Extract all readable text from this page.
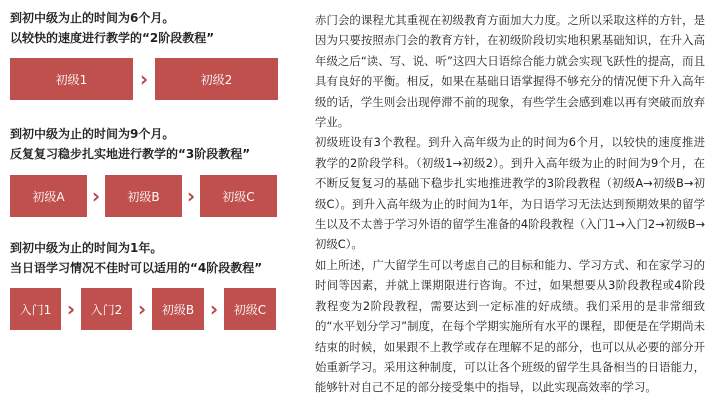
到初中级为止的时间为6个月。

以较快的速度进行教学的“2阶段教程”

初级1	›	初级2

到初中级为止的时间为9个月。

反复复习稳步扎实地进行教学的“3阶段教程”

初级A	›	初级B	›	初级C

到初中级为止的时间为1年。

当日语学习情况不佳时可以适用的“4阶段教程”

入门1 ›	入门2 ›	初级B ›	初级C

赤门会的课程尤其重视在初级教育方面加大力度。之所以采取这样的方针，是因为只要按照赤门会的教育方针，在初级阶段切实地积累基础知识，在升入高年级之后“读、写、说、听”这四大日语综合能力就会实现飞跃性的提高，而且具有良好的平衡。相反，如果在基础日语掌握得不够充分的情况便下升入高年级的话，学生则会出现停滞不前的现象，有些学生会感到难以再有突破而放弃学业。

初级班设有3个教程。到升入高年级为止的时间为6个月，以较快的速度推进教学的2阶段学科。（初级1→初级2）。到升入高年级为止的时间为9个月，在不断反复复习的基础下稳步扎实地推进教学的3阶段教程（初级A→初级B→初级C）。到升入高年级为止的时间为1年，为日语学习无法达到预期效果的留学生以及不太善于学习外语的留学生准备的4阶段教程（入门1→入门2→初级B→初级C）。

如上所述，广大留学生可以考虑自己的目标和能力、学习方式、和在家学习的时间等因素，并就上课期限进行咨询。不过，如果想要从3阶段教程或4阶段教程变为2阶段教程，需要达到一定标准的好成绩。我们采用的是非常细致的“水平划分学习”制度，在每个学期实施所有水平的课程，即便是在学期尚未结束的时候，如果跟不上教学或存在理解不足的部分，也可以从必要的部分开始重新学习。采用这种制度，可以让各个班级的留学生具备相当的日语能力，能够针对自己不足的部分接受集中的指导，以此实现高效率的学习。
